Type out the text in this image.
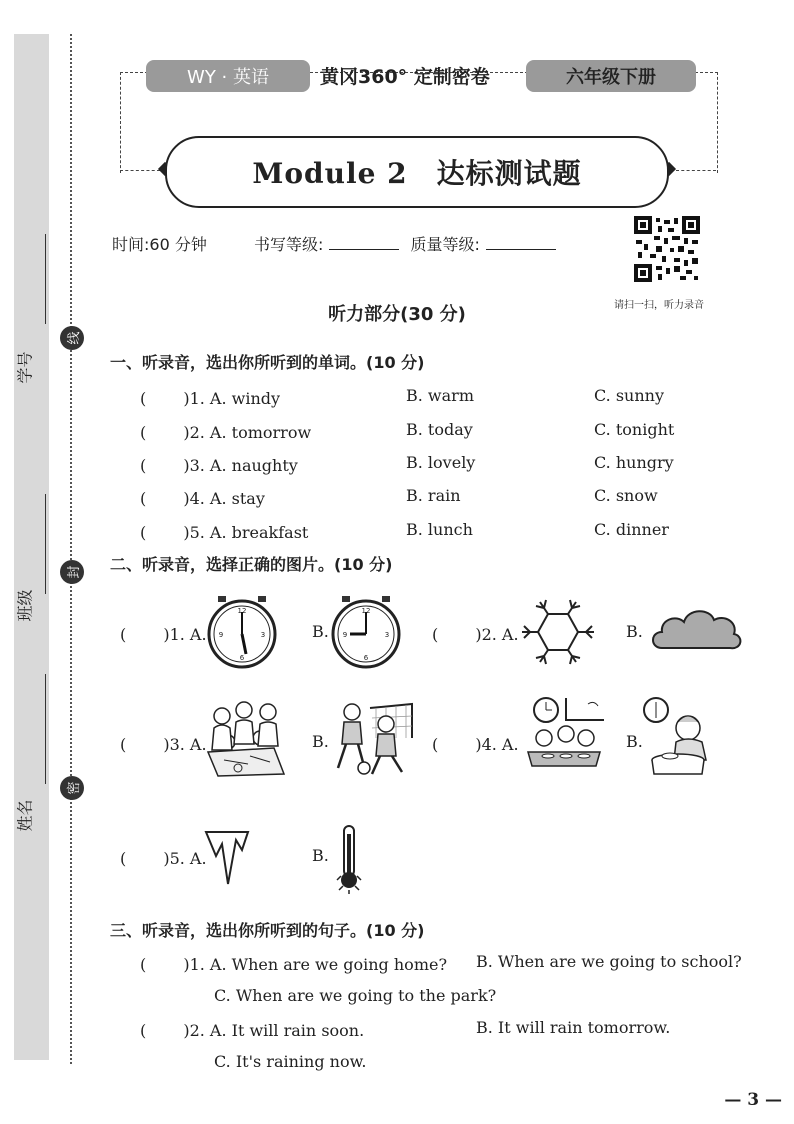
学号
班级
姓名
线
封
密
WY · 英语	黄冈360° 定制密卷	六年级下册
Module 2　达标测试题
时间:60 分钟	书写等级:	质量等级:
请扫一扫，听力录音
听力部分(30 分)
一、听录音，选出你所听到的单词。(10 分)
( 　　)1. A. windy	B. warm	C. sunny
( 　　)2. A. tomorrow	B. today	C. tonight
( 　　)3. A. naughty	B. lovely	C. hungry
( 　　)4. A. stay	B. rain	C. snow
( 　　)5. A. breakfast	B. lunch	C. dinner
二、听录音，选择正确的图片。(10 分)
( 　　)1. A.
12
3
6
9	B.
12
3
6
9	( 　　)2. A.	B.
( 　　)3. A.	B.	( 　　)4. A.	B.
( 　　)5. A.	B.
三、听录音，选出你所听到的句子。(10 分)
( 　　)1. A. When are we going home? B. When are we going to school?
C. When are we going to the park?
( 　　)2. A. It will rain soon.	B. It will rain tomorrow.
C. It's raining now.
— 3 —
